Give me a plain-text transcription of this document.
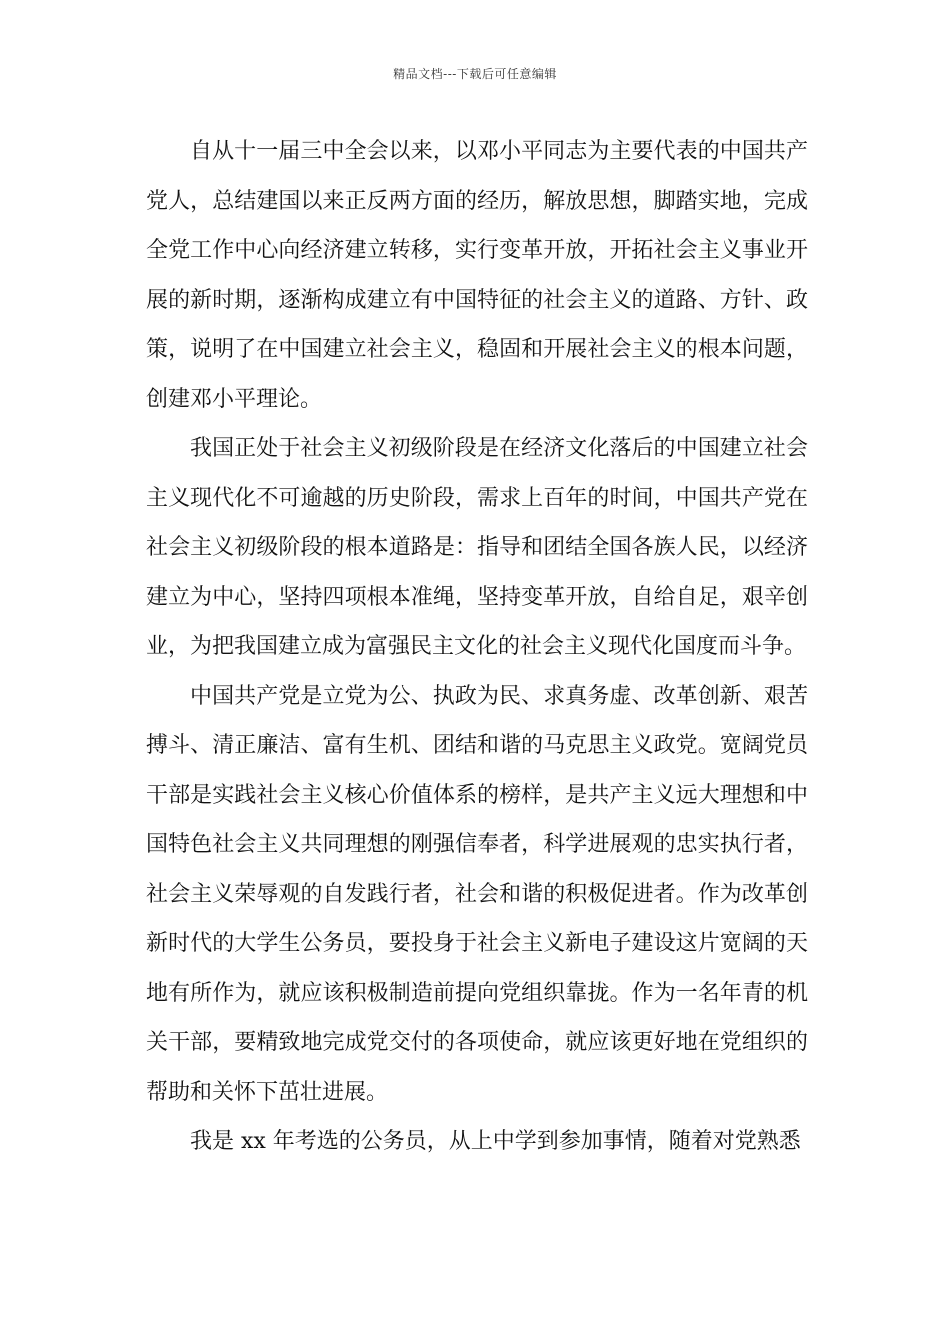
精品文档---下载后可任意编辑

自从十一届三中全会以来，以邓小平同志为主要代表的中国共产党人，总结建国以来正反两方面的经历，解放思想，脚踏实地，完成全党工作中心向经济建立转移，实行变革开放，开拓社会主义事业开展的新时期，逐渐构成建立有中国特征的社会主义的道路、方针、政策，说明了在中国建立社会主义，稳固和开展社会主义的根本问题，创建邓小平理论。

我国正处于社会主义初级阶段是在经济文化落后的中国建立社会主义现代化不可逾越的历史阶段，需求上百年的时间，中国共产党在社会主义初级阶段的根本道路是：指导和团结全国各族人民，以经济建立为中心，坚持四项根本准绳，坚持变革开放，自给自足，艰辛创业，为把我国建立成为富强民主文化的社会主义现代化国度而斗争。

中国共产党是立党为公、执政为民、求真务虚、改革创新、艰苦搏斗、清正廉洁、富有生机、团结和谐的马克思主义政党。宽阔党员干部是实践社会主义核心价值体系的榜样，是共产主义远大理想和中国特色社会主义共同理想的刚强信奉者，科学进展观的忠实执行者，社会主义荣辱观的自发践行者，社会和谐的积极促进者。作为改革创新时代的大学生公务员，要投身于社会主义新电子建设这片宽阔的天地有所作为，就应该积极制造前提向党组织靠拢。作为一名年青的机关干部，要精致地完成党交付的各项使命，就应该更好地在党组织的帮助和关怀下茁壮进展。

我是 xx 年考选的公务员，从上中学到参加事情，随着对党熟悉
